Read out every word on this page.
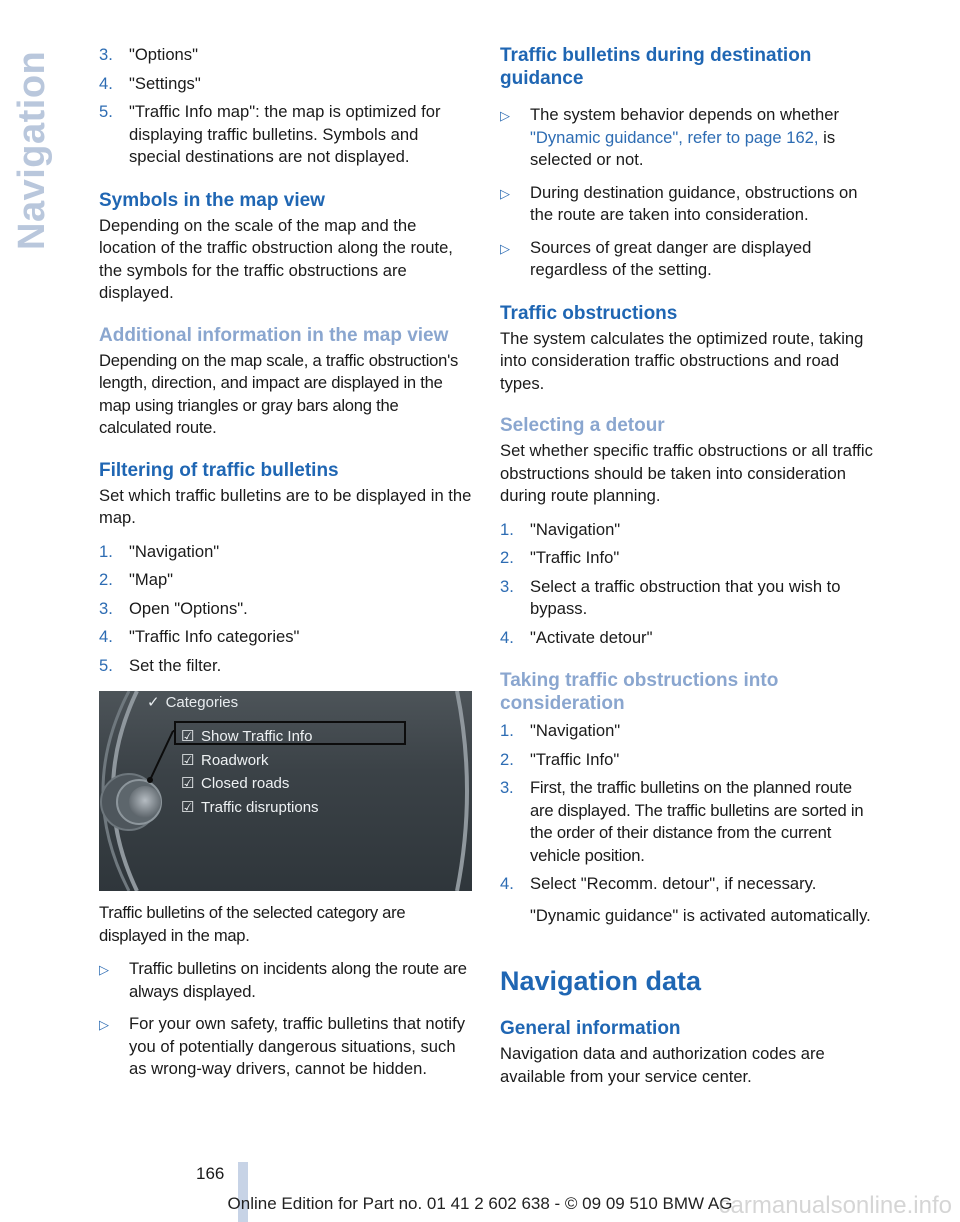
Navigation	3. "Options"
4. "Settings"
5. "Traffic Info map": the map is optimized for displaying traffic bulletins. Symbols and special destinations are not displayed.
Symbols in the map view

Depending on the scale of the map and the location of the traffic obstruction along the route, the symbols for the traffic obstructions are displayed.

Additional information in the map view

Depending on the map scale, a traffic obstruction's length, direction, and impact are displayed in the map using triangles or gray bars along the calculated route.

Filtering of traffic bulletins

Set which traffic bulletins are to be displayed in the map.

1. "Navigation"
2. "Map"
3. Open "Options".
4. "Traffic Info categories"
5. Set the filter.
✓ Categories
☑ Show Traffic Info
☑ Roadwork
☑ Closed roads
☑ Traffic disruptions

Traffic bulletins of the selected category are displayed in the map.

▷	Traffic bulletins on incidents along the route are always displayed.
▷	For your own safety, traffic bulletins that notify you of potentially dangerous situations, such as wrong-way drivers, cannot be hidden.
Traffic bulletins during destination guidance
▷	The system behavior depends on whether "Dynamic guidance", refer to page 162, is selected or not.
▷	During destination guidance, obstructions on the route are taken into consideration.
▷	Sources of great danger are displayed regardless of the setting.
Traffic obstructions

The system calculates the optimized route, taking into consideration traffic obstructions and road types.

Selecting a detour

Set whether specific traffic obstructions or all traffic obstructions should be taken into consideration during route planning.

1. "Navigation"
2. "Traffic Info"
3. Select a traffic obstruction that you wish to bypass.
4. "Activate detour"
Taking traffic obstructions into consideration
1. "Navigation"
2. "Traffic Info"
3. First, the traffic bulletins on the planned route are displayed. The traffic bulletins are sorted in the order of their distance from the current vehicle position.
4. Select "Recomm. detour", if necessary.

"Dynamic guidance" is activated automatically.

Navigation data
General information

Navigation data and authorization codes are available from your service center.

166
Online Edition for Part no. 01 41 2 602 638 - © 09 09 510 BMW AG
carmanualsonline.info
